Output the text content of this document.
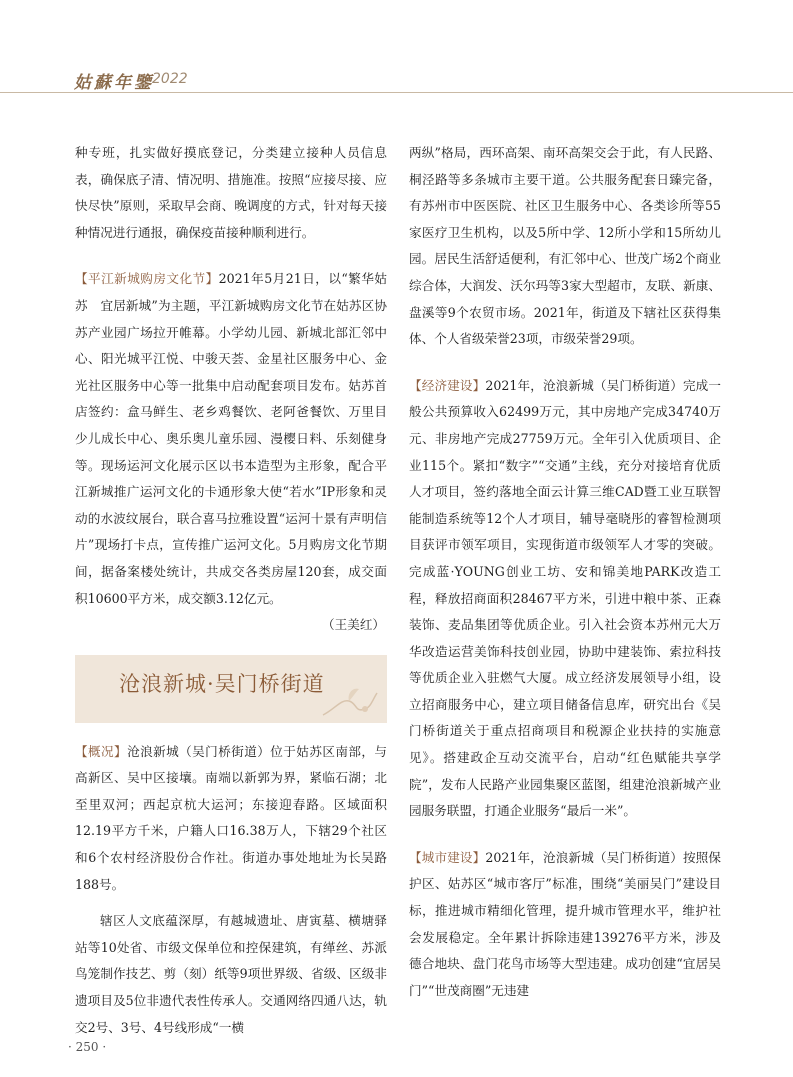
姑蘇年鑒
2022

种专班，扎实做好摸底登记，分类建立接种人员信息表，确保底子清、情况明、措施准。按照“应接尽接、应快尽快”原则，采取早会商、晚调度的方式，针对每天接种情况进行通报，确保疫苗接种顺利进行。

【平江新城购房文化节】2021年5月21日，以“繁华姑苏　宜居新城”为主题，平江新城购房文化节在姑苏区协苏产业园广场拉开帷幕。小学幼儿园、新城北部汇邻中心、阳光城平江悦、中骏天荟、金星社区服务中心、金光社区服务中心等一批集中启动配套项目发布。姑苏首店签约：盒马鲜生、老乡鸡餐饮、老阿爸餐饮、万里目少儿成长中心、奥乐奥儿童乐园、漫樱日料、乐刻健身等。现场运河文化展示区以书本造型为主形象，配合平江新城推广运河文化的卡通形象大使“若水”IP形象和灵动的水波纹展台，联合喜马拉雅设置“运河十景有声明信片”现场打卡点，宣传推广运河文化。5月购房文化节期间，据备案楼处统计，共成交各类房屋120套，成交面积10600平方米，成交额3.12亿元。

（王美红）

沧浪新城·吴门桥街道

【概况】沧浪新城（吴门桥街道）位于姑苏区南部，与高新区、吴中区接壤。南端以新郭为界，紧临石湖；北至里双河；西起京杭大运河；东接迎春路。区域面积12.19平方千米，户籍人口16.38万人，下辖29个社区和6个农村经济股份合作社。街道办事处地址为长吴路188号。

辖区人文底蕴深厚，有越城遗址、唐寅墓、横塘驿站等10处省、市级文保单位和控保建筑，有缂丝、苏派鸟笼制作技艺、剪（刻）纸等9项世界级、省级、区级非遗项目及5位非遗代表性传承人。交通网络四通八达，轨交2号、3号、4号线形成“一横

两纵”格局，西环高架、南环高架交会于此，有人民路、桐泾路等多条城市主要干道。公共服务配套日臻完备，有苏州市中医医院、社区卫生服务中心、各类诊所等55家医疗卫生机构，以及5所中学、12所小学和15所幼儿园。居民生活舒适便利，有汇邻中心、世茂广场2个商业综合体，大润发、沃尔玛等3家大型超市，友联、新康、盘溪等9个农贸市场。2021年，街道及下辖社区获得集体、个人省级荣誉23项，市级荣誉29项。

【经济建设】2021年，沧浪新城（吴门桥街道）完成一般公共预算收入62499万元，其中房地产完成34740万元、非房地产完成27759万元。全年引入优质项目、企业115个。紧扣“数字”“交通”主线，充分对接培育优质人才项目，签约落地全面云计算三维CAD暨工业互联智能制造系统等12个人才项目，辅导毫晓彤的睿智检测项目获评市领军项目，实现街道市级领军人才零的突破。完成蓝·YOUNG创业工坊、安和锦美地PARK改造工程，释放招商面积28467平方米，引进中粮中茶、正森装饰、麦品集团等优质企业。引入社会资本苏州元大万华改造运营美饰科技创业园，协助中建装饰、索拉科技等优质企业入驻燃气大厦。成立经济发展领导小组，设立招商服务中心，建立项目储备信息库，研究出台《吴门桥街道关于重点招商项目和税源企业扶持的实施意见》。搭建政企互动交流平台，启动“红色赋能共享学院”，发布人民路产业园集聚区蓝图，组建沧浪新城产业园服务联盟，打通企业服务“最后一米”。

【城市建设】2021年，沧浪新城（吴门桥街道）按照保护区、姑苏区“城市客厅”标准，围绕“美丽吴门”建设目标，推进城市精细化管理，提升城市管理水平，维护社会发展稳定。全年累计拆除违建139276平方米，涉及德合地块、盘门花鸟市场等大型违建。成功创建“宜居吴门”“世茂商圈”无违建

· 250 ·
